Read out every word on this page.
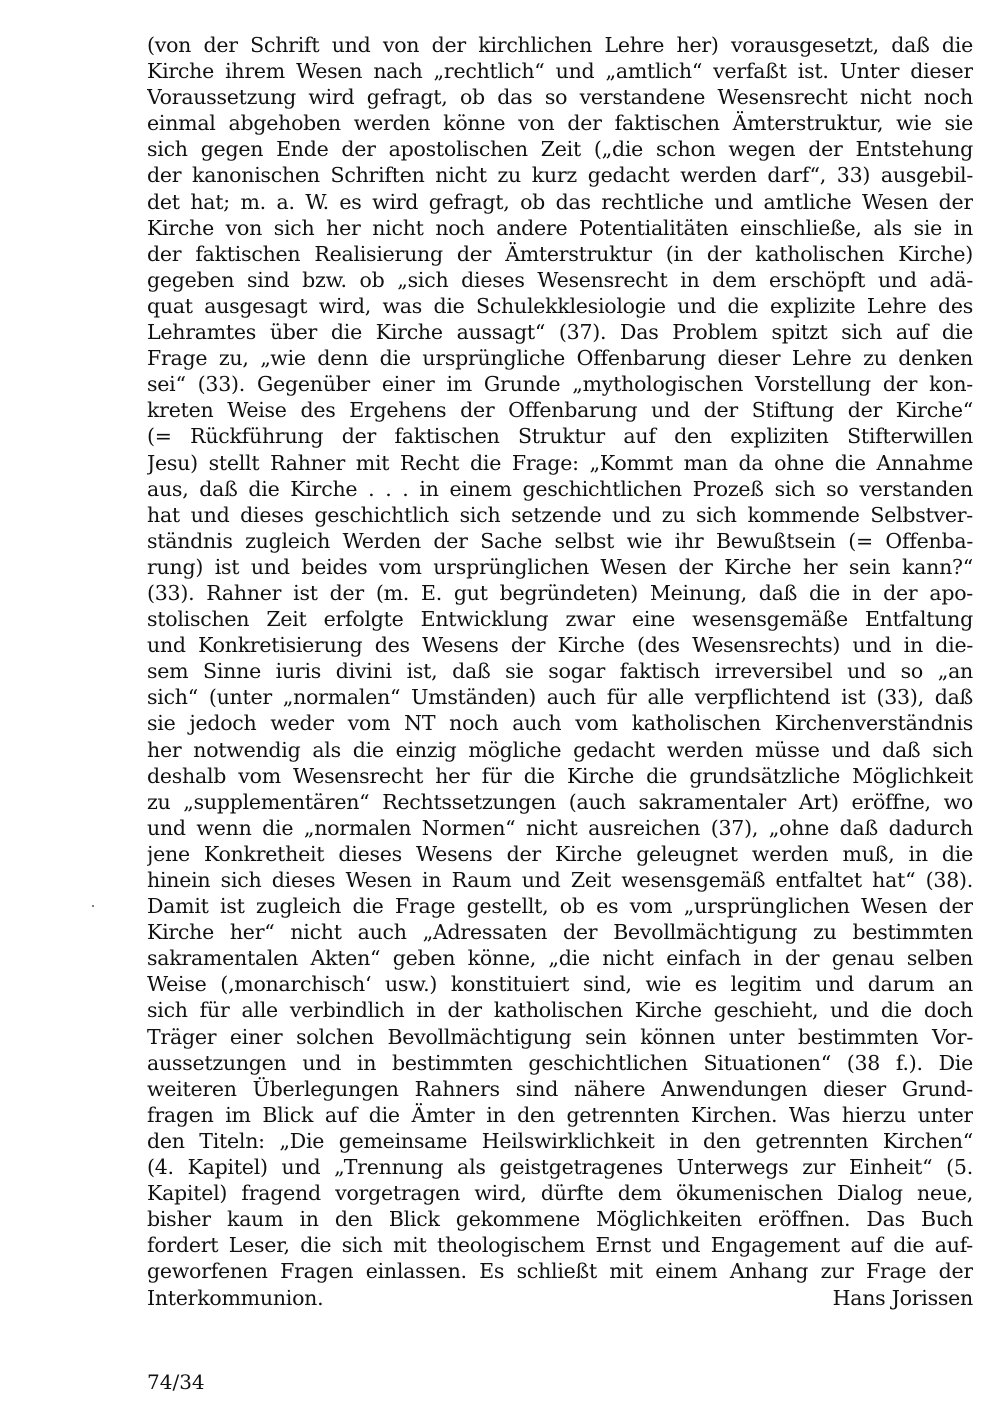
(von der Schrift und von der kirchlichen Lehre her) vorausgesetzt, daß die
Kirche ihrem Wesen nach „rechtlich“ und „amtlich“ verfaßt ist. Unter dieser
Voraussetzung wird gefragt, ob das so verstandene Wesensrecht nicht noch
einmal abgehoben werden könne von der faktischen Ämterstruktur, wie sie
sich gegen Ende der apostolischen Zeit („die schon wegen der Entstehung
der kanonischen Schriften nicht zu kurz gedacht werden darf“, 33) ausgebil-
det hat; m. a. W. es wird gefragt, ob das rechtliche und amtliche Wesen der
Kirche von sich her nicht noch andere Potentialitäten einschließe, als sie in
der faktischen Realisierung der Ämterstruktur (in der katholischen Kirche)
gegeben sind bzw. ob „sich dieses Wesensrecht in dem erschöpft und adä-
quat ausgesagt wird, was die Schulekklesiologie und die explizite Lehre des
Lehramtes über die Kirche aussagt“ (37). Das Problem spitzt sich auf die
Frage zu, „wie denn die ursprüngliche Offenbarung dieser Lehre zu denken
sei“ (33). Gegenüber einer im Grunde „mythologischen Vorstellung der kon-
kreten Weise des Ergehens der Offenbarung und der Stiftung der Kirche“
(= Rückführung der faktischen Struktur auf den expliziten Stifterwillen
Jesu) stellt Rahner mit Recht die Frage: „Kommt man da ohne die Annahme
aus, daß die Kirche . . . in einem geschichtlichen Prozeß sich so verstanden
hat und dieses geschichtlich sich setzende und zu sich kommende Selbstver-
ständnis zugleich Werden der Sache selbst wie ihr Bewußtsein (= Offenba-
rung) ist und beides vom ursprünglichen Wesen der Kirche her sein kann?“
(33). Rahner ist der (m. E. gut begründeten) Meinung, daß die in der apo-
stolischen Zeit erfolgte Entwicklung zwar eine wesensgemäße Entfaltung
und Konkretisierung des Wesens der Kirche (des Wesensrechts) und in die-
sem Sinne iuris divini ist, daß sie sogar faktisch irreversibel und so „an
sich“ (unter „normalen“ Umständen) auch für alle verpflichtend ist (33), daß
sie jedoch weder vom NT noch auch vom katholischen Kirchenverständnis
her notwendig als die einzig mögliche gedacht werden müsse und daß sich
deshalb vom Wesensrecht her für die Kirche die grundsätzliche Möglichkeit
zu „supplementären“ Rechtssetzungen (auch sakramentaler Art) eröffne, wo
und wenn die „normalen Normen“ nicht ausreichen (37), „ohne daß dadurch
jene Konkretheit dieses Wesens der Kirche geleugnet werden muß, in die
hinein sich dieses Wesen in Raum und Zeit wesensgemäß entfaltet hat“ (38).
Damit ist zugleich die Frage gestellt, ob es vom „ursprünglichen Wesen der
Kirche her“ nicht auch „Adressaten der Bevollmächtigung zu bestimmten
sakramentalen Akten“ geben könne, „die nicht einfach in der genau selben
Weise (‚monarchisch‘ usw.) konstituiert sind, wie es legitim und darum an
sich für alle verbindlich in der katholischen Kirche geschieht, und die doch
Träger einer solchen Bevollmächtigung sein können unter bestimmten Vor-
aussetzungen und in bestimmten geschichtlichen Situationen“ (38 f.). Die
weiteren Überlegungen Rahners sind nähere Anwendungen dieser Grund-
fragen im Blick auf die Ämter in den getrennten Kirchen. Was hierzu unter
den Titeln: „Die gemeinsame Heilswirklichkeit in den getrennten Kirchen“
(4. Kapitel) und „Trennung als geistgetragenes Unterwegs zur Einheit“ (5.
Kapitel) fragend vorgetragen wird, dürfte dem ökumenischen Dialog neue,
bisher kaum in den Blick gekommene Möglichkeiten eröffnen. Das Buch
fordert Leser, die sich mit theologischem Ernst und Engagement auf die auf-
geworfenen Fragen einlassen. Es schließt mit einem Anhang zur Frage der
Interkommunion.	Hans Jorissen
74/34
